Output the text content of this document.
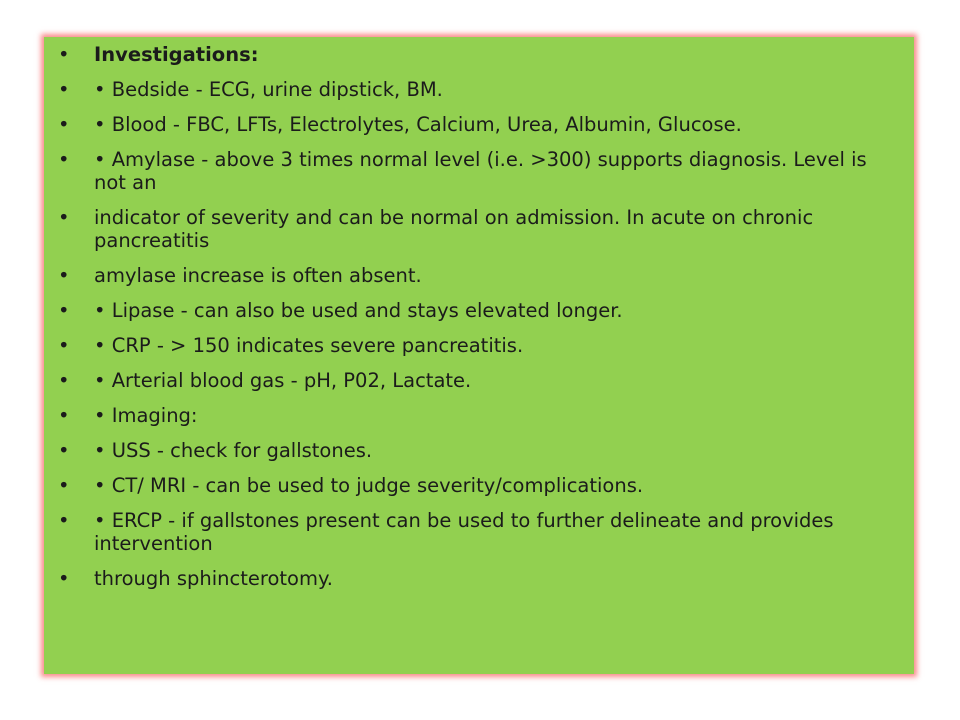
• Investigations:
• • Bedside - ECG, urine dipstick, BM.
• • Blood - FBC, LFTs, Electrolytes, Calcium, Urea, Albumin, Glucose.
• • Amylase - above 3 times normal level (i.e. >300) supports diagnosis. Level is not an
• indicator of severity and can be normal on admission. In acute on chronic pancreatitis
• amylase increase is often absent.
• • Lipase - can also be used and stays elevated longer.
• • CRP - > 150 indicates severe pancreatitis.
• • Arterial blood gas - pH, P02, Lactate.
• • Imaging:
• • USS - check for gallstones.
• • CT/ MRI - can be used to judge severity/complications.
• • ERCP - if gallstones present can be used to further delineate and provides intervention
• through sphincterotomy.
